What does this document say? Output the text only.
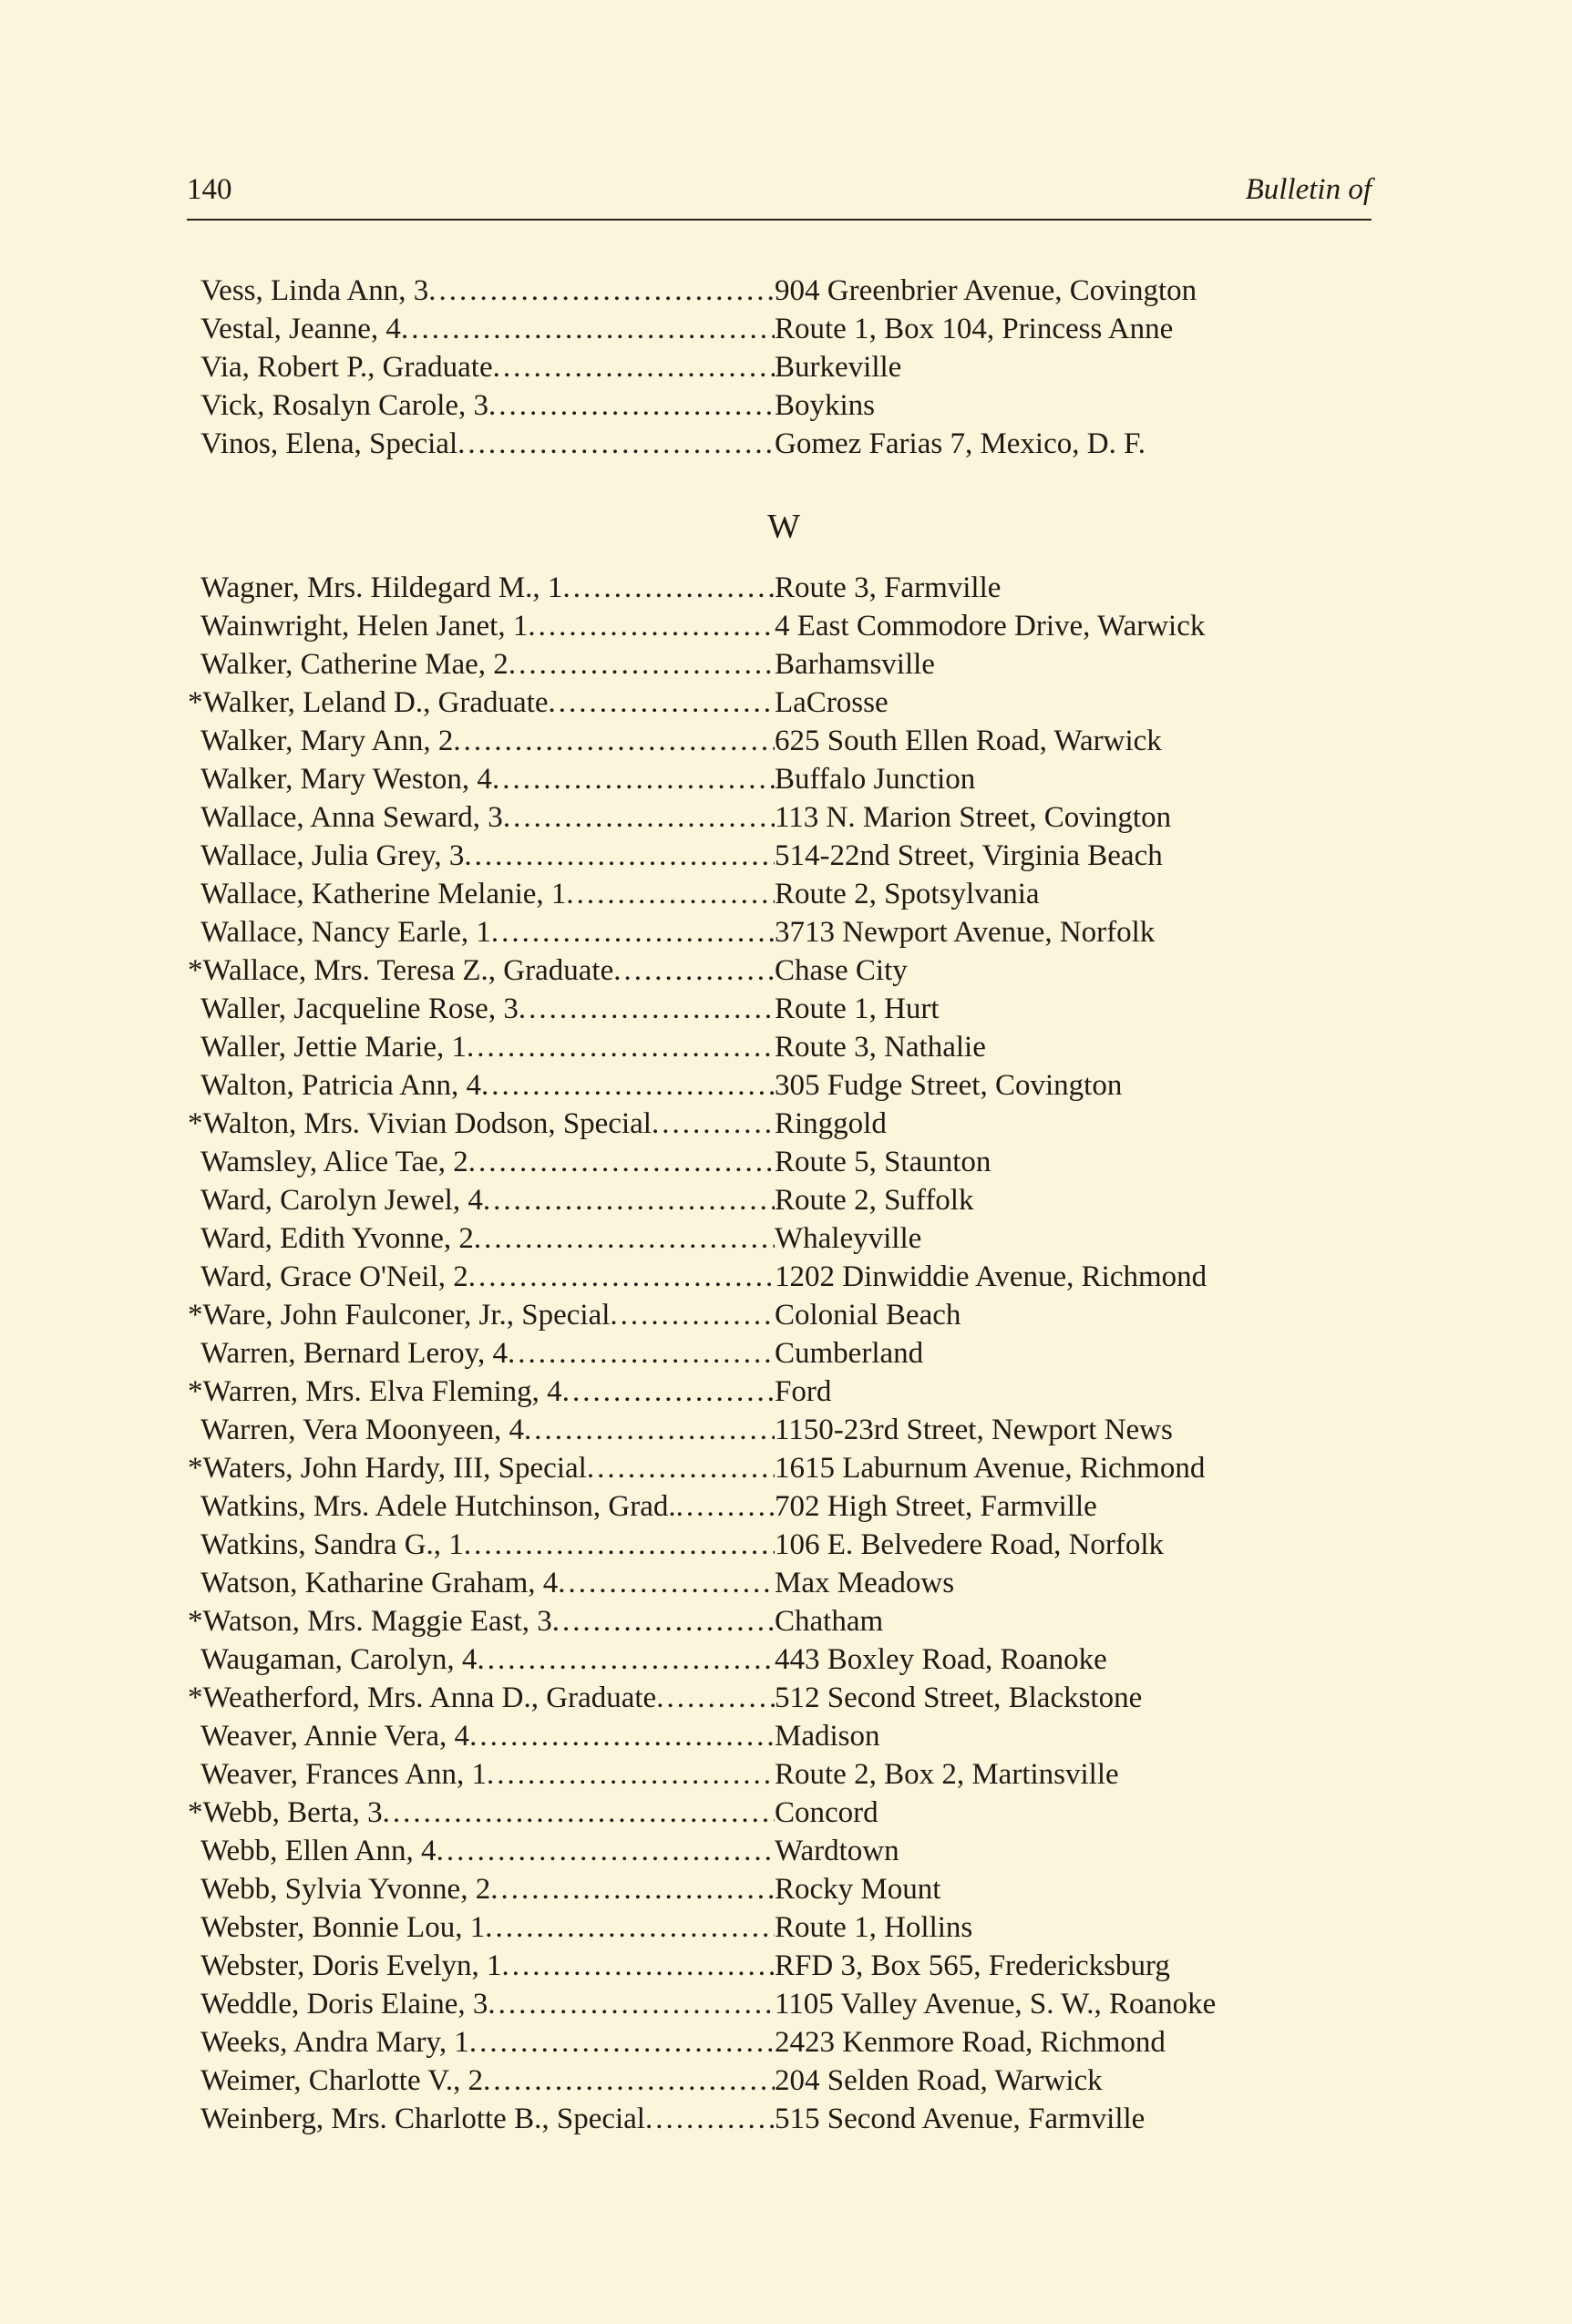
140	Bulletin of
Vess, Linda Ann, 3 .....	904 Greenbrier Avenue, Covington
Vestal, Jeanne, 4 .....	Route 1, Box 104, Princess Anne
Via, Robert P., Graduate .....	Burkeville
Vick, Rosalyn Carole, 3 .....	Boykins
Vinos, Elena, Special .....	Gomez Farias 7, Mexico, D. F.
W
Wagner, Mrs. Hildegard M., 1 .....	Route 3, Farmville
Wainwright, Helen Janet, 1 .....	4 East Commodore Drive, Warwick
Walker, Catherine Mae, 2 .....	Barhamsville
*Walker, Leland D., Graduate .....	LaCrosse
Walker, Mary Ann, 2 .....	625 South Ellen Road, Warwick
Walker, Mary Weston, 4 .....	Buffalo Junction
Wallace, Anna Seward, 3 .....	113 N. Marion Street, Covington
Wallace, Julia Grey, 3 .....	514-22nd Street, Virginia Beach
Wallace, Katherine Melanie, 1 .....	Route 2, Spotsylvania
Wallace, Nancy Earle, 1 .....	3713 Newport Avenue, Norfolk
*Wallace, Mrs. Teresa Z., Graduate .....	Chase City
Waller, Jacqueline Rose, 3 .....	Route 1, Hurt
Waller, Jettie Marie, 1 .....	Route 3, Nathalie
Walton, Patricia Ann, 4 .....	305 Fudge Street, Covington
*Walton, Mrs. Vivian Dodson, Special .....	Ringgold
Wamsley, Alice Tae, 2 .....	Route 5, Staunton
Ward, Carolyn Jewel, 4 .....	Route 2, Suffolk
Ward, Edith Yvonne, 2 .....	Whaleyville
Ward, Grace O'Neil, 2 .....	1202 Dinwiddie Avenue, Richmond
*Ware, John Faulconer, Jr., Special .....	Colonial Beach
Warren, Bernard Leroy, 4 .....	Cumberland
*Warren, Mrs. Elva Fleming, 4 .....	Ford
Warren, Vera Moonyeen, 4 .....	1150-23rd Street, Newport News
*Waters, John Hardy, III, Special .....	1615 Laburnum Avenue, Richmond
Watkins, Mrs. Adele Hutchinson, Grad. .....	702 High Street, Farmville
Watkins, Sandra G., 1 .....	106 E. Belvedere Road, Norfolk
Watson, Katharine Graham, 4 .....	Max Meadows
*Watson, Mrs. Maggie East, 3 .....	Chatham
Waugaman, Carolyn, 4 .....	443 Boxley Road, Roanoke
*Weatherford, Mrs. Anna D., Graduate .....	512 Second Street, Blackstone
Weaver, Annie Vera, 4 .....	Madison
Weaver, Frances Ann, 1 .....	Route 2, Box 2, Martinsville
*Webb, Berta, 3 .....	Concord
Webb, Ellen Ann, 4 .....	Wardtown
Webb, Sylvia Yvonne, 2 .....	Rocky Mount
Webster, Bonnie Lou, 1 .....	Route 1, Hollins
Webster, Doris Evelyn, 1 .....	RFD 3, Box 565, Fredericksburg
Weddle, Doris Elaine, 3 .....	1105 Valley Avenue, S. W., Roanoke
Weeks, Andra Mary, 1 .....	2423 Kenmore Road, Richmond
Weimer, Charlotte V., 2 .....	204 Selden Road, Warwick
Weinberg, Mrs. Charlotte B., Special .....	515 Second Avenue, Farmville
